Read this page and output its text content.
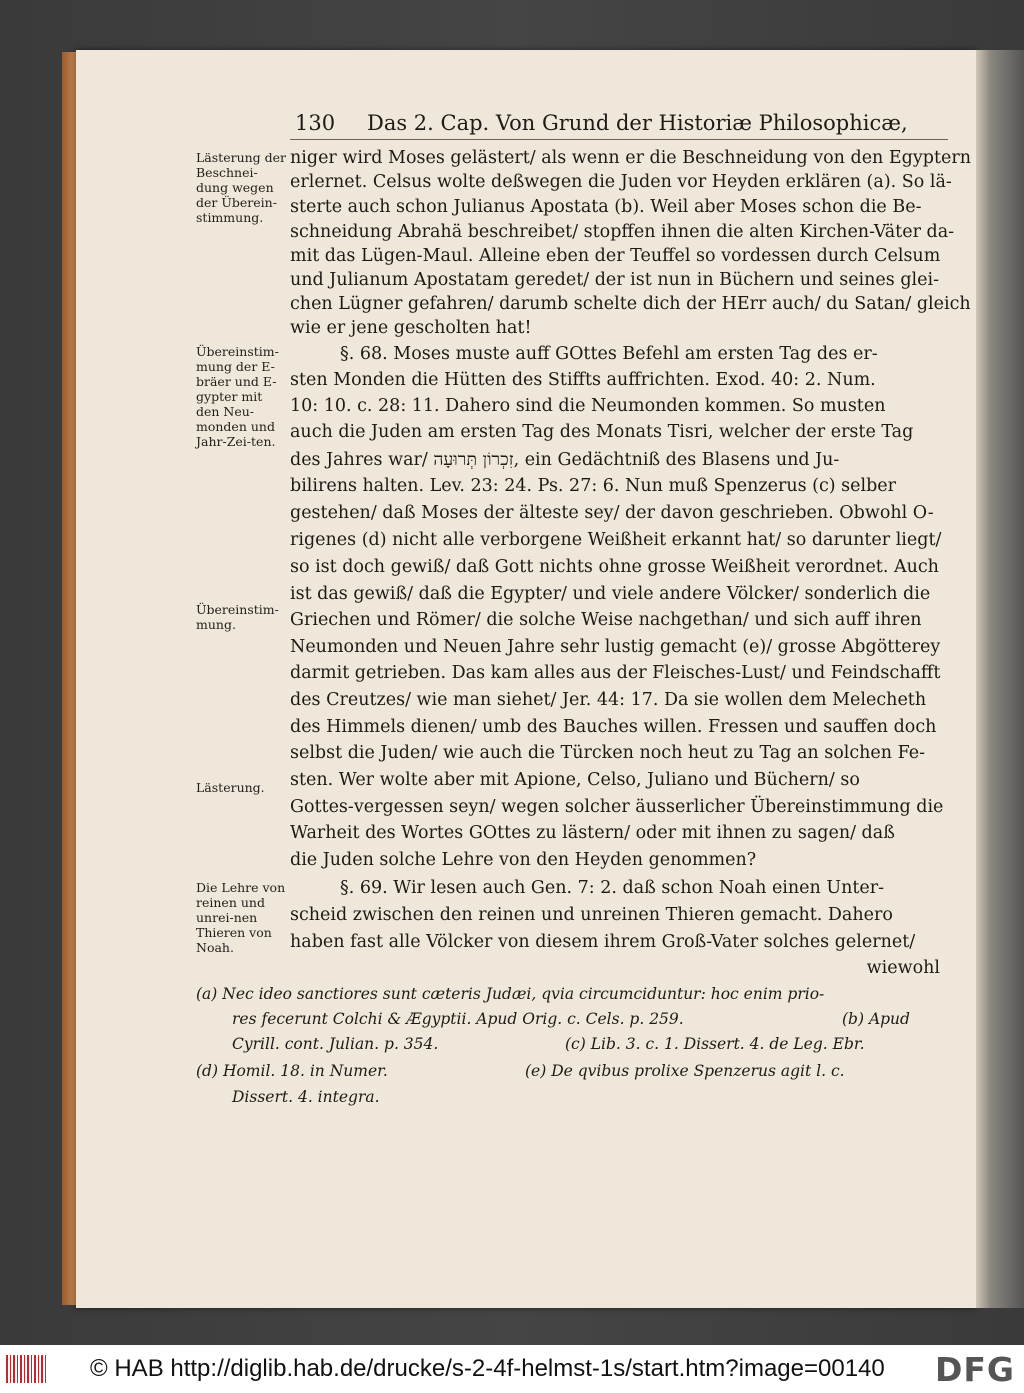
130 Das 2. Cap. Von Grund der Historiæ Philosophicæ,
Lästerung der Beschnei-dung wegen der Überein-stimmung.
Übereinstim-mung der E-bräer und E-gypter mit den Neu-monden und Jahr-Zei-ten.
Übereinstim-mung.
Lästerung.
Die Lehre von reinen und unrei-nen Thieren von Noah.
niger wird Moses gelästert/ als wenn er die Beschneidung von den Egyptern
erlernet. Celsus wolte deßwegen die Juden vor Heyden erklären (a). So lä-
sterte auch schon Julianus Apostata (b). Weil aber Moses schon die Be-
schneidung Abrahä beschreibet/ stopffen ihnen die alten Kirchen-Väter da-
mit das Lügen-Maul. Alleine eben der Teuffel so vordessen durch Celsum
und Julianum Apostatam geredet/ der ist nun in Büchern und seines glei-
chen Lügner gefahren/ darumb schelte dich der HErr auch/ du Satan/ gleich
wie er jene gescholten hat!
§. 68. Moses muste auff GOttes Befehl am ersten Tag des er-
sten Monden die Hütten des Stiffts auffrichten. Exod. 40: 2. Num.
10: 10. c. 28: 11. Dahero sind die Neumonden kommen. So musten
auch die Juden am ersten Tag des Monats Tisri, welcher der erste Tag
des Jahres war/ זִכְרוֹן תְּרוּעָה, ein Gedächtniß des Blasens und Ju-
bilirens halten. Lev. 23: 24. Ps. 27: 6. Nun muß Spenzerus (c) selber
gestehen/ daß Moses der älteste sey/ der davon geschrieben. Obwohl O-
rigenes (d) nicht alle verborgene Weißheit erkannt hat/ so darunter liegt/
so ist doch gewiß/ daß Gott nichts ohne grosse Weißheit verordnet. Auch
ist das gewiß/ daß die Egypter/ und viele andere Völcker/ sonderlich die
Griechen und Römer/ die solche Weise nachgethan/ und sich auff ihren
Neumonden und Neuen Jahre sehr lustig gemacht (e)/ grosse Abgötterey
darmit getrieben. Das kam alles aus der Fleisches-Lust/ und Feindschafft
des Creutzes/ wie man siehet/ Jer. 44: 17. Da sie wollen dem Melecheth
des Himmels dienen/ umb des Bauches willen. Fressen und sauffen doch
selbst die Juden/ wie auch die Türcken noch heut zu Tag an solchen Fe-
sten. Wer wolte aber mit Apione, Celso, Juliano und Büchern/ so
Gottes-vergessen seyn/ wegen solcher äusserlicher Übereinstimmung die
Warheit des Wortes GOttes zu lästern/ oder mit ihnen zu sagen/ daß
die Juden solche Lehre von den Heyden genommen?
§. 69. Wir lesen auch Gen. 7: 2. daß schon Noah einen Unter-
scheid zwischen den reinen und unreinen Thieren gemacht. Dahero
haben fast alle Völcker von diesem ihrem Groß-Vater solches gelernet/
wiewohl
(a) Nec ideo sanctiores sunt cæteris Judæi, qvia circumciduntur: hoc enim prio-
res fecerunt Colchi & Ægyptii. Apud Orig. c. Cels. p. 259.	(b) Apud
Cyrill. cont. Julian. p. 354.	(c) Lib. 3. c. 1. Dissert. 4. de Leg. Ebr.
(d) Homil. 18. in Numer.	(e) De qvibus prolixe Spenzerus agit l. c.
Dissert. 4. integra.
© HAB http://diglib.hab.de/drucke/s-2-4f-helmst-1s/start.htm?image=00140 DFG
